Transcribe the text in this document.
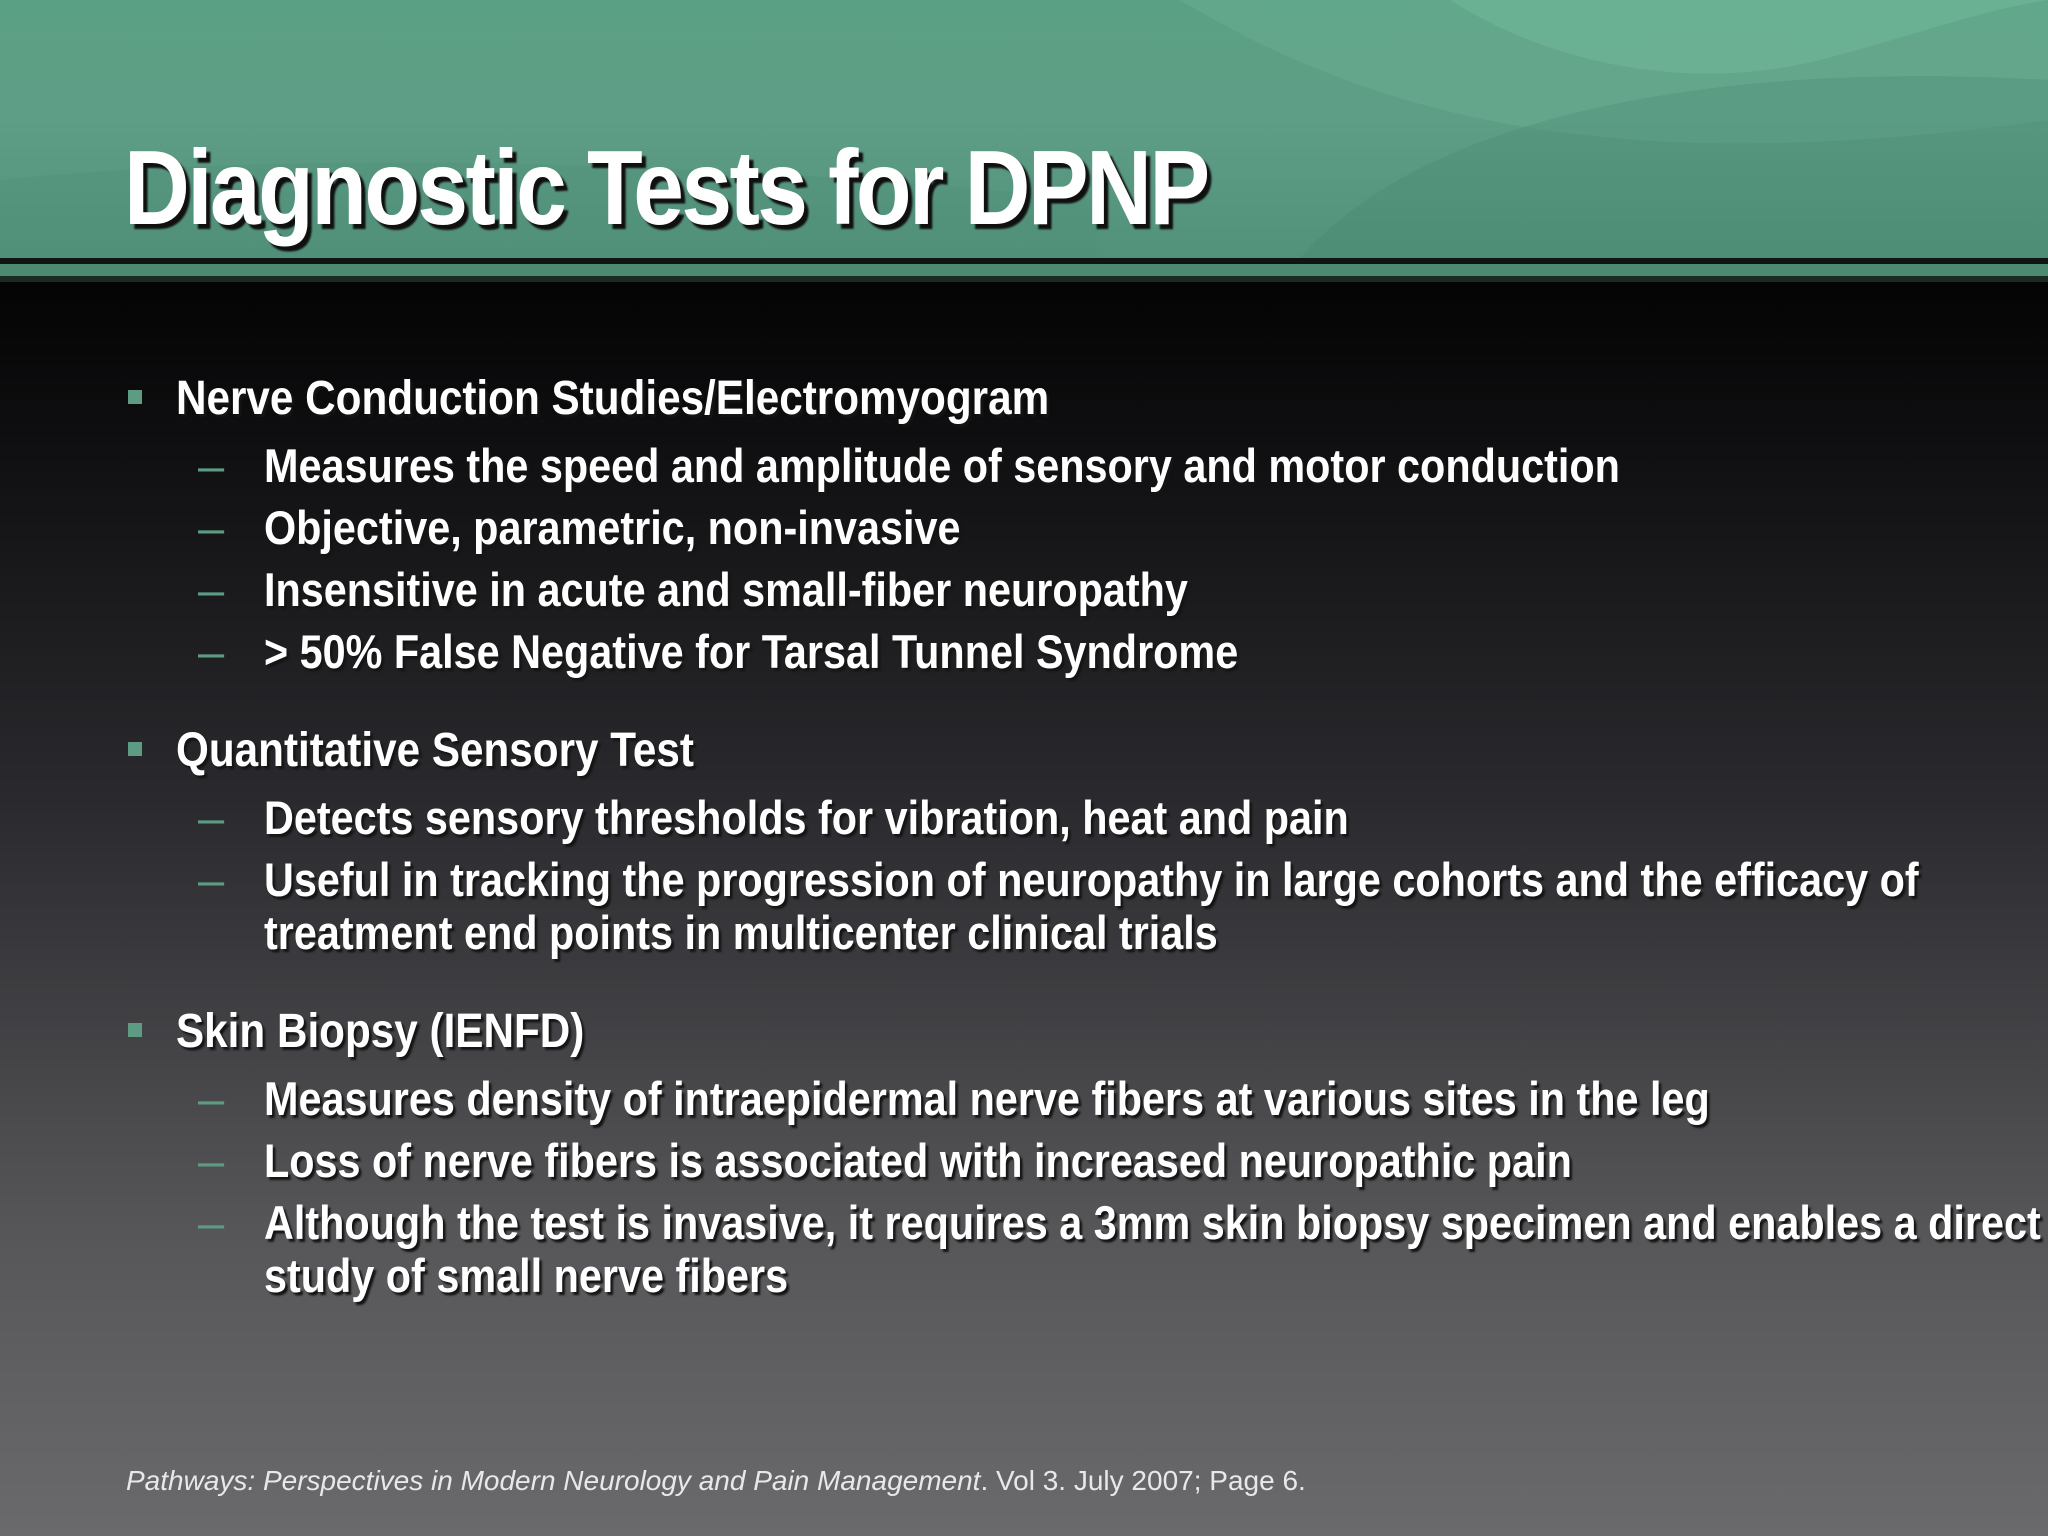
Diagnostic Tests for DPNP
Nerve Conduction Studies/Electromyogram
– Measures the speed and amplitude of sensory and motor conduction
– Objective, parametric, non-invasive
– Insensitive in acute and small-fiber neuropathy
– > 50% False Negative for Tarsal Tunnel Syndrome
Quantitative Sensory Test
– Detects sensory thresholds for vibration, heat and pain
– Useful in tracking the progression of neuropathy in large cohorts and the efficacy of treatment end points in multicenter clinical trials
Skin Biopsy (IENFD)
– Measures density of intraepidermal nerve fibers at various sites in the leg
– Loss of nerve fibers is associated with increased neuropathic pain
– Although the test is invasive, it requires a 3mm skin biopsy specimen and enables a direct study of small nerve fibers
Pathways: Perspectives in Modern Neurology and Pain Management. Vol 3. July 2007; Page 6.
